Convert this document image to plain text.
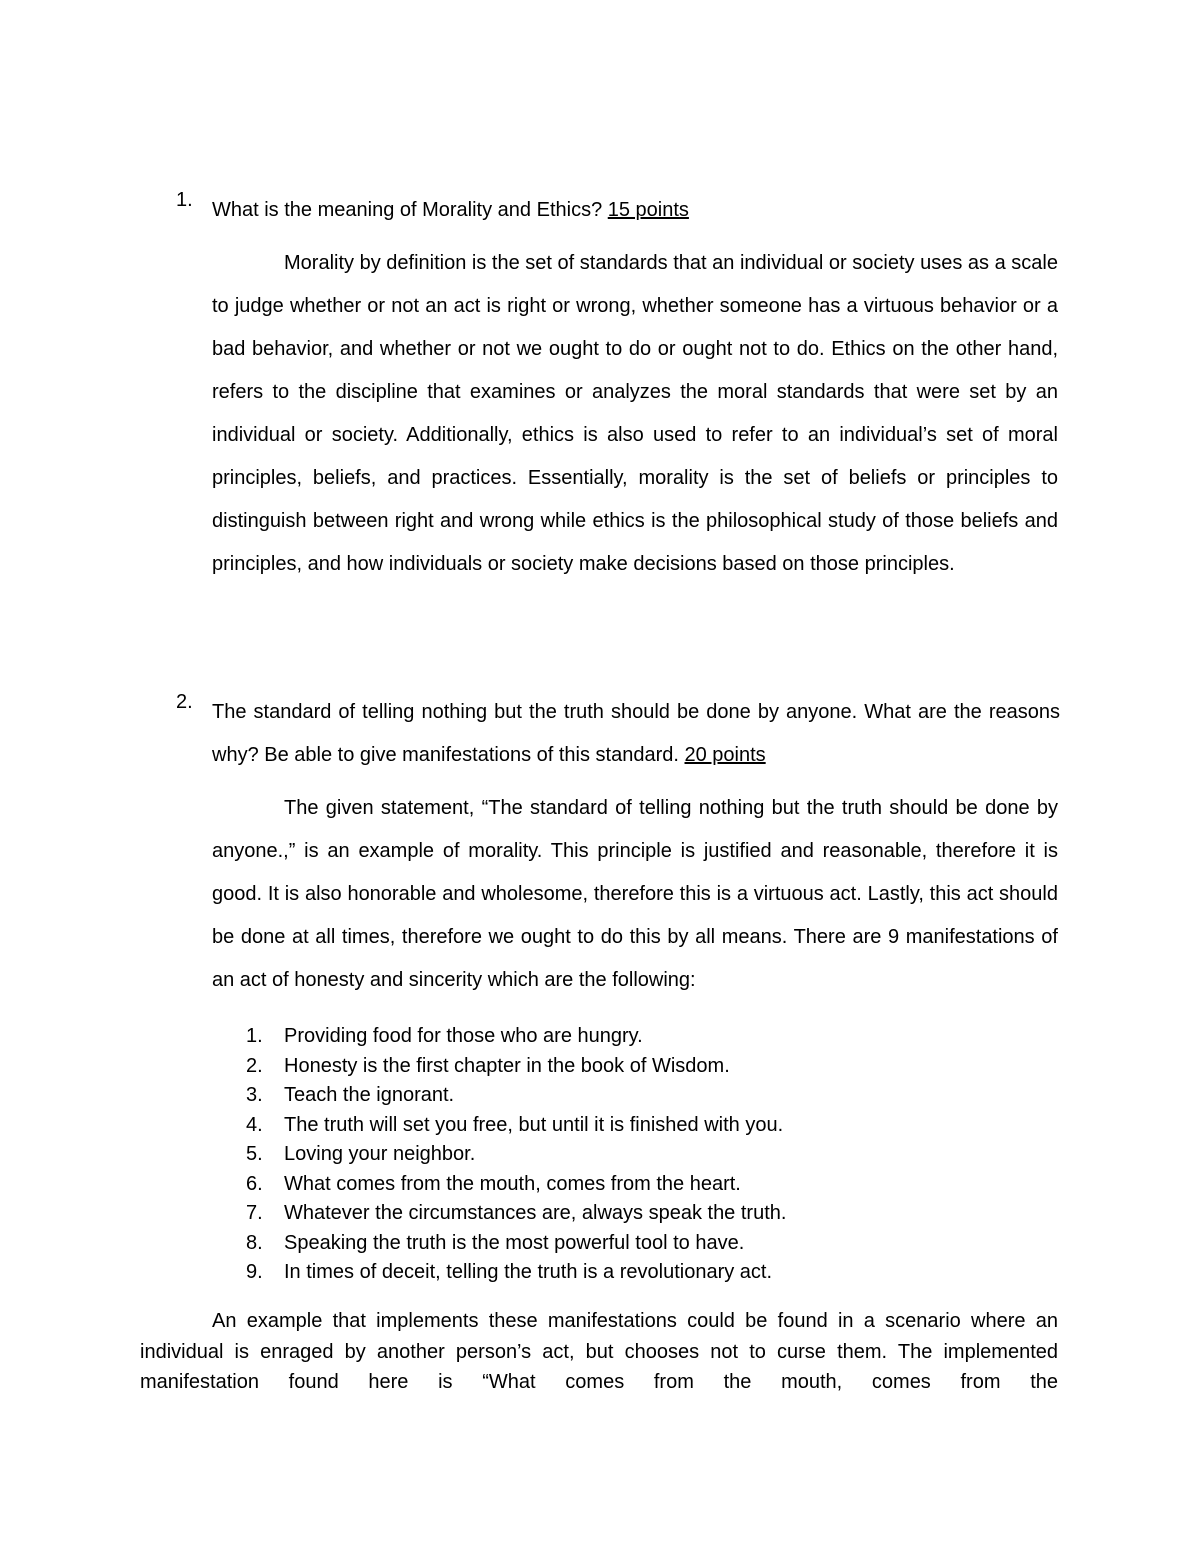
1. What is the meaning of Morality and Ethics? 15 points

Morality by definition is the set of standards that an individual or society uses as a scale to judge whether or not an act is right or wrong, whether someone has a virtuous behavior or a bad behavior, and whether or not we ought to do or ought not to do. Ethics on the other hand, refers to the discipline that examines or analyzes the moral standards that were set by an individual or society. Additionally, ethics is also used to refer to an individual’s set of moral principles, beliefs, and practices. Essentially, morality is the set of beliefs or principles to distinguish between right and wrong while ethics is the philosophical study of those beliefs and principles, and how individuals or society make decisions based on those principles.

2. The standard of telling nothing but the truth should be done by anyone. What are the reasons why? Be able to give manifestations of this standard. 20 points

The given statement, “The standard of telling nothing but the truth should be done by anyone.,” is an example of morality. This principle is justified and reasonable, therefore it is good. It is also honorable and wholesome, therefore this is a virtuous act. Lastly, this act should be done at all times, therefore we ought to do this by all means. There are 9 manifestations of an act of honesty and sincerity which are the following:

1. Providing food for those who are hungry.
2. Honesty is the first chapter in the book of Wisdom.
3. Teach the ignorant.
4. The truth will set you free, but until it is finished with you.
5. Loving your neighbor.
6. What comes from the mouth, comes from the heart.
7. Whatever the circumstances are, always speak the truth.
8. Speaking the truth is the most powerful tool to have.
9. In times of deceit, telling the truth is a revolutionary act.

An example that implements these manifestations could be found in a scenario where an individual is enraged by another person’s act, but chooses not to curse them. The implemented manifestation found here is “What comes from the mouth, comes from the
